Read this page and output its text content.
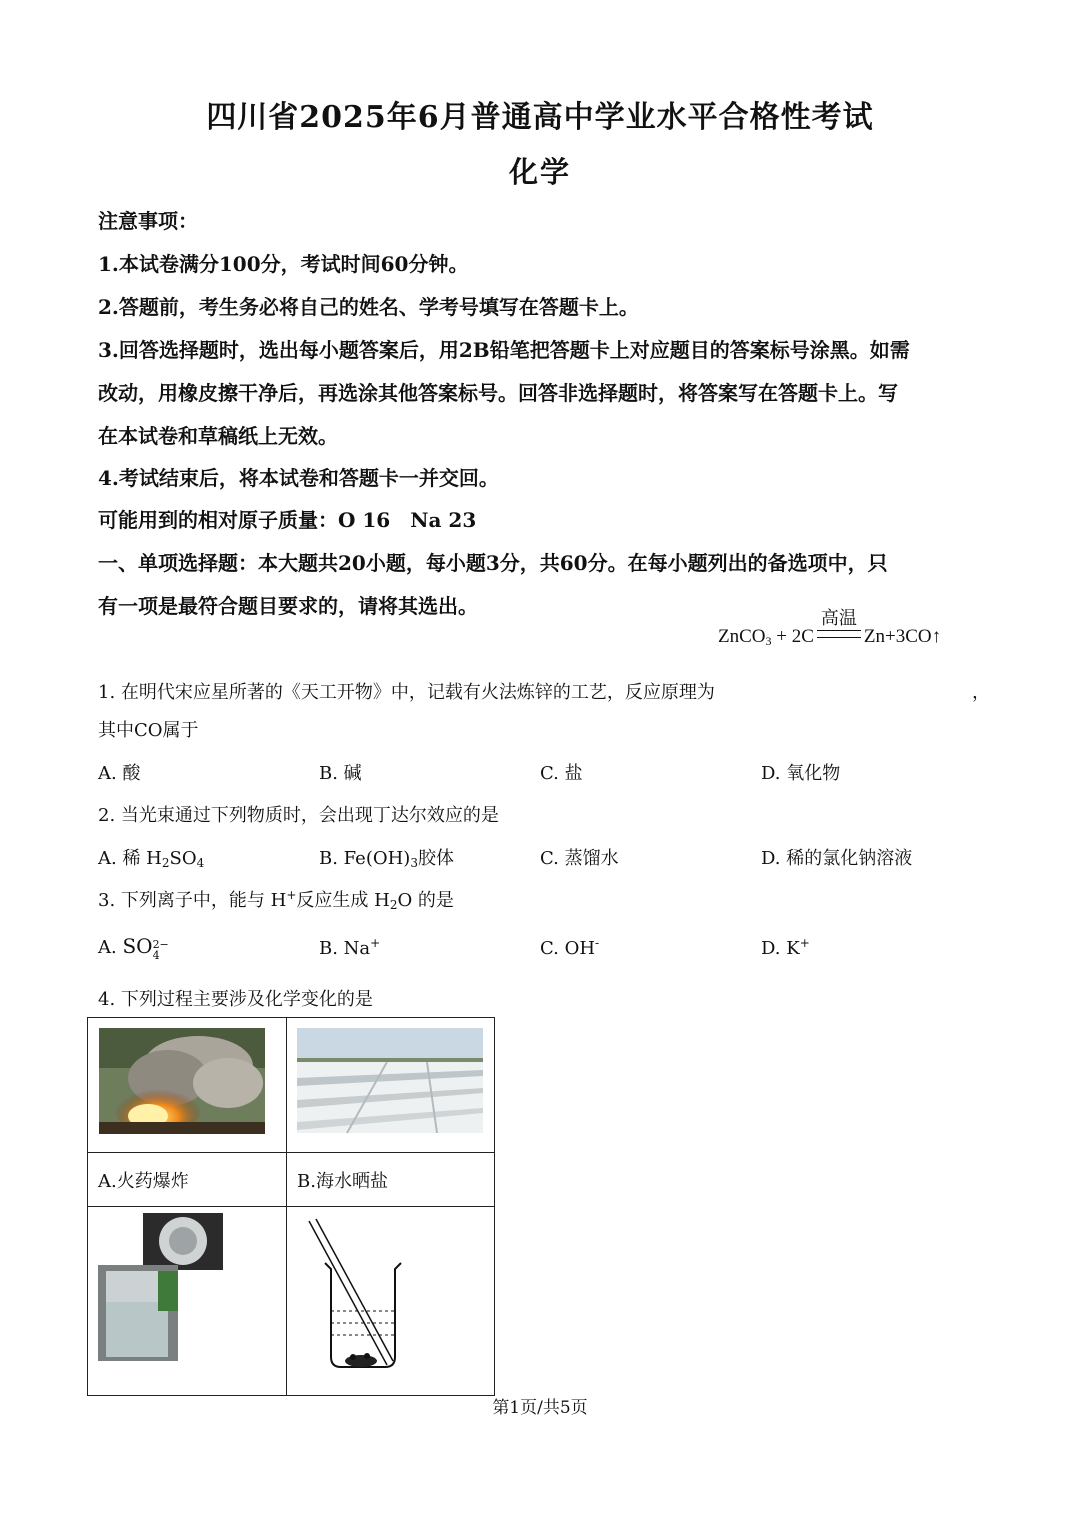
四川省2025年6月普通高中学业水平合格性考试
化学
注意事项：
1.本试卷满分100分，考试时间60分钟。
2.答题前，考生务必将自己的姓名、学考号填写在答题卡上。
3.回答选择题时，选出每小题答案后，用2B铅笔把答题卡上对应题目的答案标号涂黑。如需
改动，用橡皮擦干净后，再选涂其他答案标号。回答非选择题时，将答案写在答题卡上。写
在本试卷和草稿纸上无效。
4.考试结束后，将本试卷和答题卡一并交回。
可能用到的相对原子质量：O 16　Na 23
一、单项选择题：本大题共20小题，每小题3分，共60分。在每小题列出的备选项中，只
有一项是最符合题目要求的，请将其选出。
ZnCO$_3$ + 2C
高温
Zn+3CO↑
1. 在明代宋应星所著的《天工开物》中，记载有火法炼锌的工艺，反应原理为	，
其中CO属于
A. 酸	B. 碱	C. 盐	D. 氧化物
2. 当光束通过下列物质时，会出现丁达尔效应的是
A. 稀 $H_2SO_4$	B. $Fe(OH)_3$胶体	C. 蒸馏水	D. 稀的氯化钠溶液
3. 下列离子中，能与 H+反应生成 $H_2O$ 的是
A. SO2−
4	B. Na+	C. OH-	D. K+
4. 下列过程主要涉及化学变化的是

A.火药爆炸	B.海水晒盐

第1页/共5页
